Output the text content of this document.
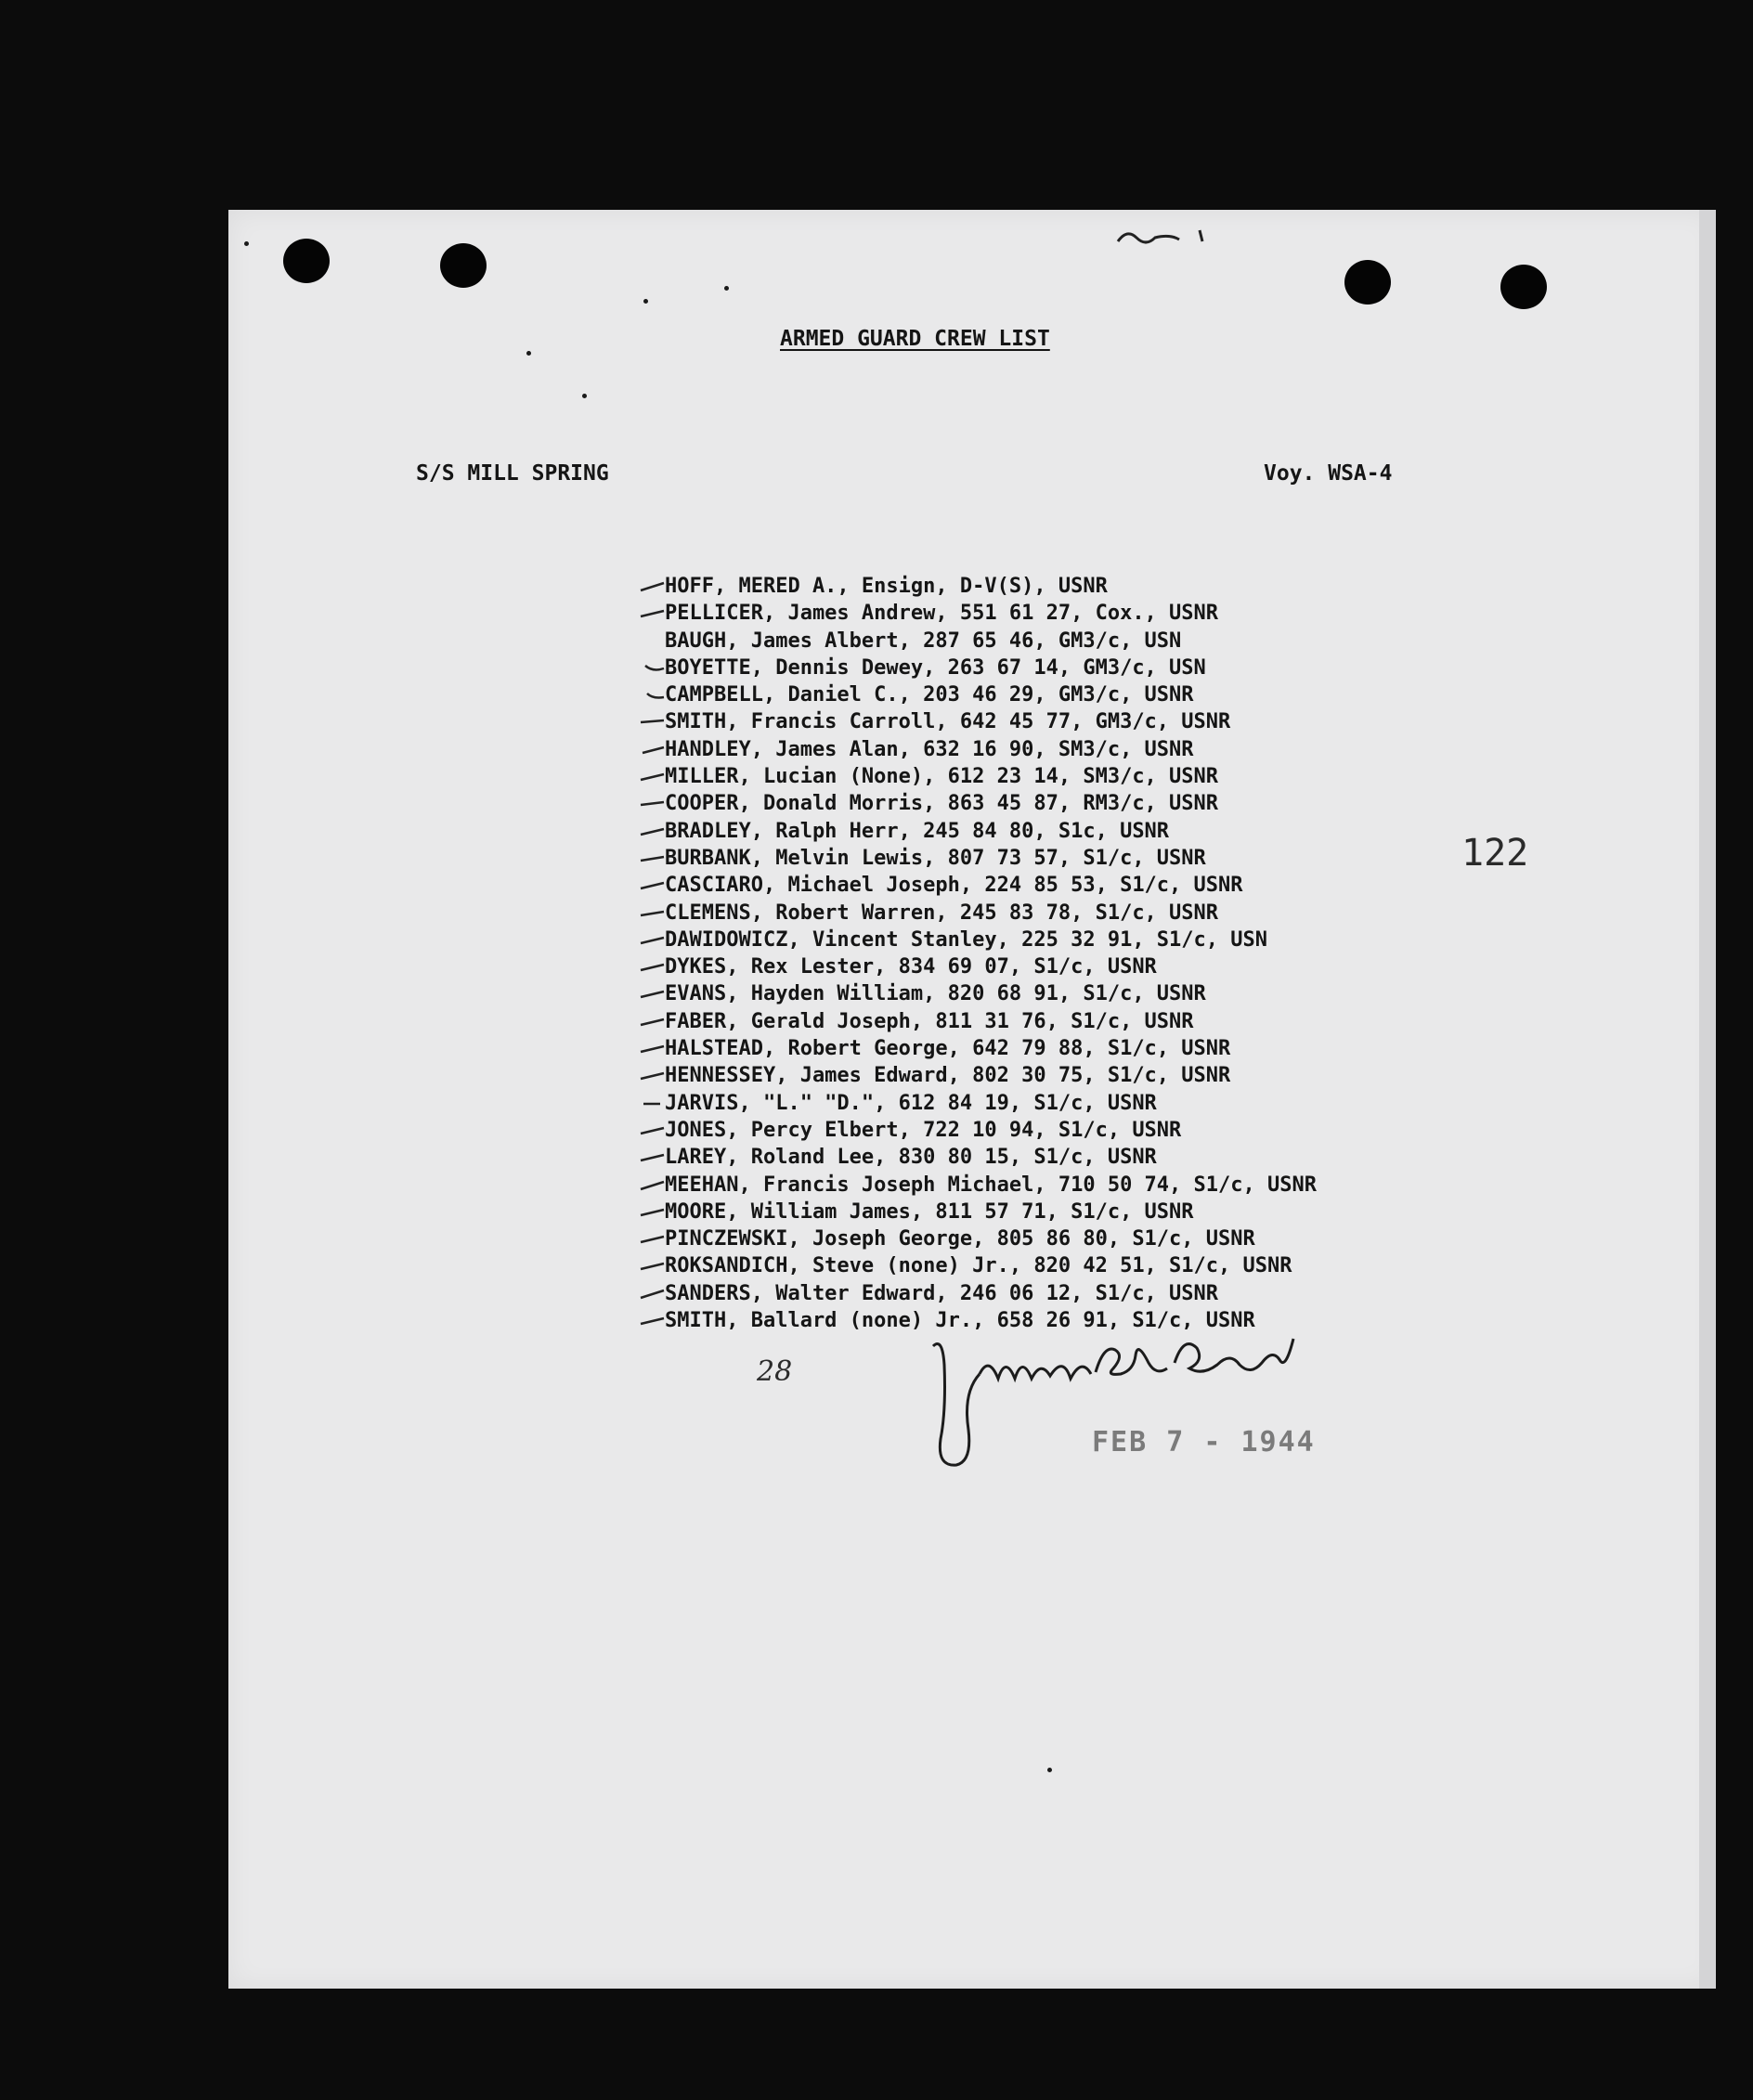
ARMED GUARD CREW LIST
S/S MILL SPRING	Voy. WSA-4
HOFF, MERED A., Ensign, D-V(S), USNR
PELLICER, James Andrew, 551 61 27, Cox., USNR
BAUGH, James Albert, 287 65 46, GM3/c, USN
BOYETTE, Dennis Dewey, 263 67 14, GM3/c, USN
CAMPBELL, Daniel C., 203 46 29, GM3/c, USNR
SMITH, Francis Carroll, 642 45 77, GM3/c, USNR
HANDLEY, James Alan, 632 16 90, SM3/c, USNR
MILLER, Lucian (None), 612 23 14, SM3/c, USNR
COOPER, Donald Morris, 863 45 87, RM3/c, USNR
BRADLEY, Ralph Herr, 245 84 80, S1c, USNR
BURBANK, Melvin Lewis, 807 73 57, S1/c, USNR
CASCIARO, Michael Joseph, 224 85 53, S1/c, USNR
CLEMENS, Robert Warren, 245 83 78, S1/c, USNR
DAWIDOWICZ, Vincent Stanley, 225 32 91, S1/c, USN
DYKES, Rex Lester, 834 69 07, S1/c, USNR
EVANS, Hayden William, 820 68 91, S1/c, USNR
FABER, Gerald Joseph, 811 31 76, S1/c, USNR
HALSTEAD, Robert George, 642 79 88, S1/c, USNR
HENNESSEY, James Edward, 802 30 75, S1/c, USNR
JARVIS, "L." "D.", 612 84 19, S1/c, USNR
JONES, Percy Elbert, 722 10 94, S1/c, USNR
LAREY, Roland Lee, 830 80 15, S1/c, USNR
MEEHAN, Francis Joseph Michael, 710 50 74, S1/c, USNR
MOORE, William James, 811 57 71, S1/c, USNR
PINCZEWSKI, Joseph George, 805 86 80, S1/c, USNR
ROKSANDICH, Steve (none) Jr., 820 42 51, S1/c, USNR
SANDERS, Walter Edward, 246 06 12, S1/c, USNR
SMITH, Ballard (none) Jr., 658 26 91, S1/c, USNR
122
28
FEB 7 - 1944
